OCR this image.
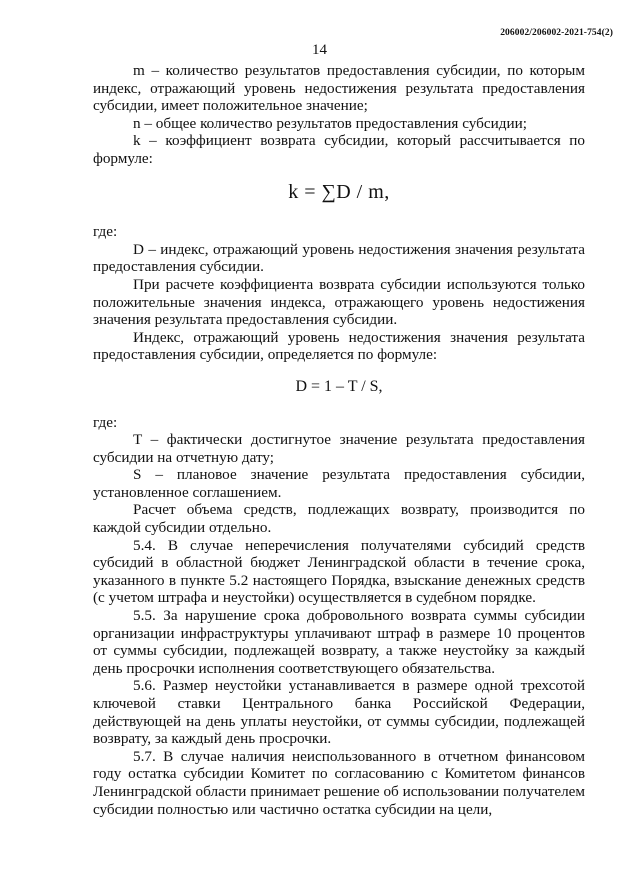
206002/206002-2021-754(2)
14

m – количество результатов предоставления субсидии, по которым индекс, отражающий уровень недостижения результата предоставления субсидии, имеет положительное значение;

n – общее количество результатов предоставления субсидии;

k – коэффициент возврата субсидии, который рассчитывается по формуле:

k = ∑D / m,

где:

D – индекс, отражающий уровень недостижения значения результата предоставления субсидии.

При расчете коэффициента возврата субсидии используются только положительные значения индекса, отражающего уровень недостижения значения результата предоставления субсидии.

Индекс, отражающий уровень недостижения значения результата предоставления субсидии, определяется по формуле:

D = 1 – T / S,

где:

T – фактически достигнутое значение результата предоставления субсидии на отчетную дату;

S – плановое значение результата предоставления субсидии, установленное соглашением.

Расчет объема средств, подлежащих возврату, производится по каждой субсидии отдельно.

5.4. В случае неперечисления получателями субсидий средств субсидий в областной бюджет Ленинградской области в течение срока, указанного в пункте 5.2 настоящего Порядка, взыскание денежных средств (с учетом штрафа и неустойки) осуществляется в судебном порядке.

5.5. За нарушение срока добровольного возврата суммы субсидии организации инфраструктуры уплачивают штраф в размере 10 процентов от суммы субсидии, подлежащей возврату, а также неустойку за каждый день просрочки исполнения соответствующего обязательства.

5.6. Размер неустойки устанавливается в размере одной трехсотой ключевой ставки Центрального банка Российской Федерации, действующей на день уплаты неустойки, от суммы субсидии, подлежащей возврату, за каждый день просрочки.

5.7. В случае наличия неиспользованного в отчетном финансовом году остатка субсидии Комитет по согласованию с Комитетом финансов Ленинградской области принимает решение об использовании получателем субсидии полностью или частично остатка субсидии на цели,
